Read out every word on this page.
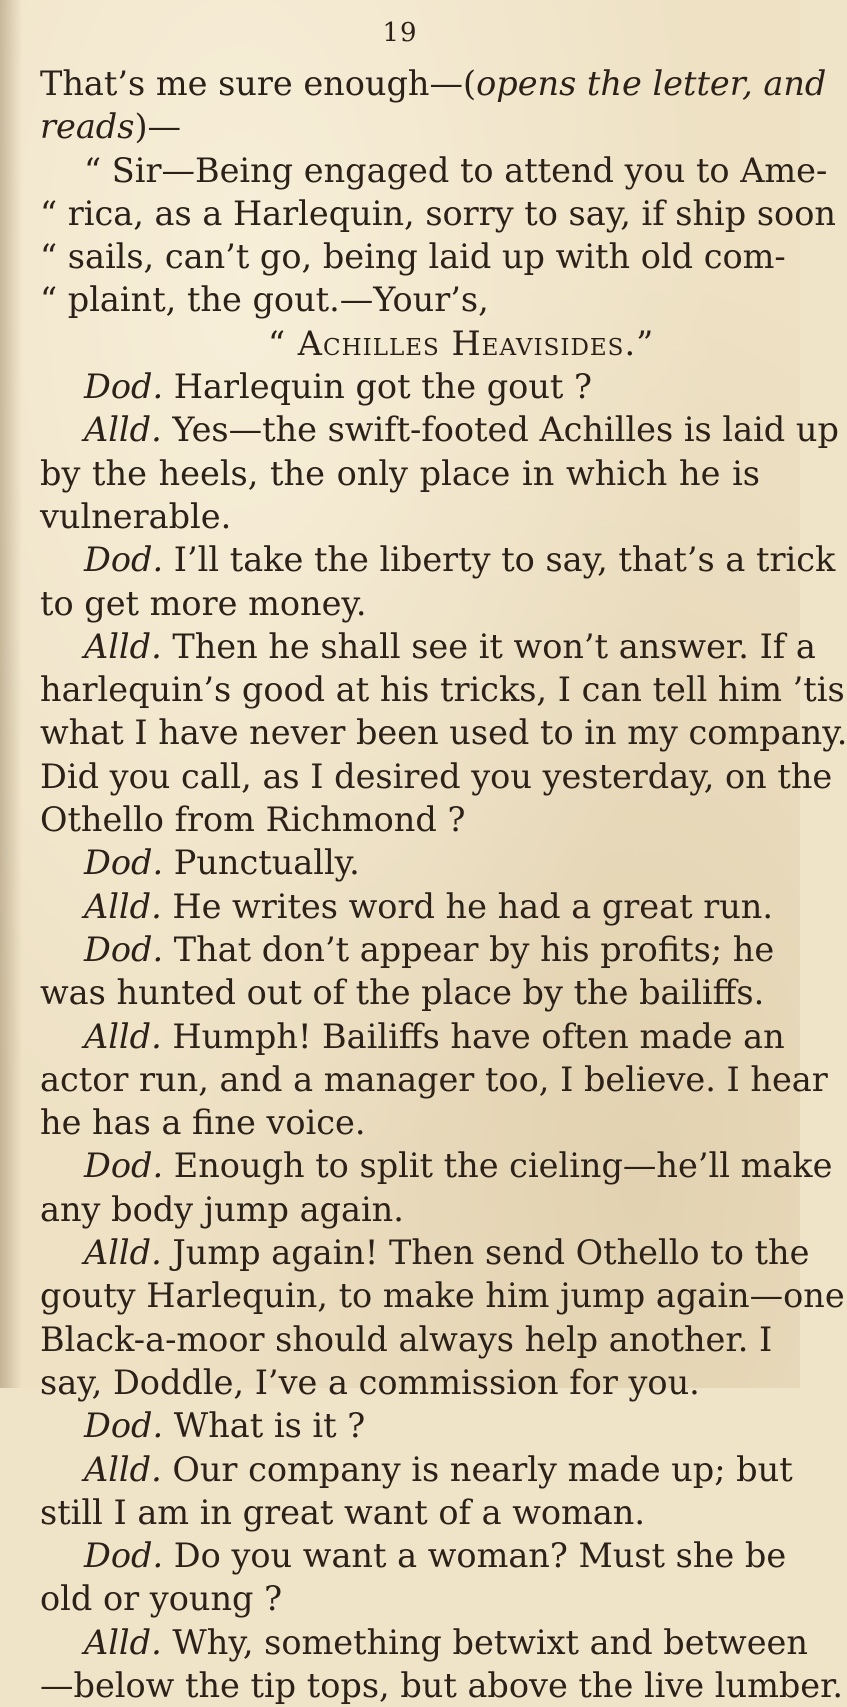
19
That’s me sure enough—(opens the letter, and
reads)—
“ Sir—Being engaged to attend you to Ame-
“ rica, as a Harlequin, sorry to say, if ship soon
“ sails, can’t go, being laid up with old com-
“ plaint, the gout.—Your’s,
“ Achilles Heavisides.”
Dod. Harlequin got the gout ?
Alld. Yes—the swift-footed Achilles is laid up
by the heels, the only place in which he is
vulnerable.
Dod. I’ll take the liberty to say, that’s a trick
to get more money.
Alld. Then he shall see it won’t answer. If a
harlequin’s good at his tricks, I can tell him ’tis
what I have never been used to in my company.
Did you call, as I desired you yesterday, on the
Othello from Richmond ?
Dod. Punctually.
Alld. He writes word he had a great run.
Dod. That don’t appear by his profits; he
was hunted out of the place by the bailiffs.
Alld. Humph! Bailiffs have often made an
actor run, and a manager too, I believe. I hear
he has a fine voice.
Dod. Enough to split the cieling—he’ll make
any body jump again.
Alld. Jump again! Then send Othello to the
gouty Harlequin, to make him jump again—one
Black-a-moor should always help another. I
say, Doddle, I’ve a commission for you.
Dod. What is it ?
Alld. Our company is nearly made up; but
still I am in great want of a woman.
Dod. Do you want a woman? Must she be
old or young ?
Alld. Why, something betwixt and between
—below the tip tops, but above the live lumber.
